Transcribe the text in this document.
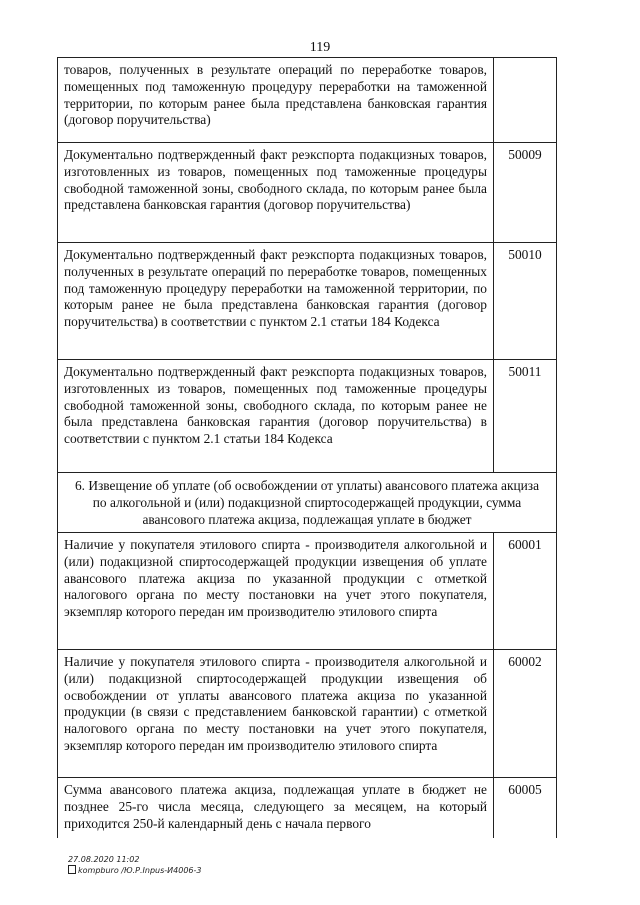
119
товаров, полученных в результате операций по переработке товаров, помещенных под таможенную процедуру переработки на таможенной территории, по которым ранее была представлена банковская гарантия (договор поручительства)
Документально подтвержденный факт реэкспорта подакцизных товаров, изготовленных из товаров, помещенных под таможенные процедуры свободной таможенной зоны, свободного склада, по которым ранее была представлена банковская гарантия (договор поручительства)
50009
Документально подтвержденный факт реэкспорта подакцизных товаров, полученных в результате операций по переработке товаров, помещенных под таможенную процедуру переработки на таможенной территории, по которым ранее не была представлена банковская гарантия (договор поручительства) в соответствии с пунктом 2.1 статьи 184 Кодекса
50010
Документально подтвержденный факт реэкспорта подакцизных товаров, изготовленных из товаров, помещенных под таможенные процедуры свободной таможенной зоны, свободного склада, по которым ранее не была представлена банковская гарантия (договор поручительства) в соответствии с пунктом 2.1 статьи 184 Кодекса
50011
6. Извещение об уплате (об освобождении от уплаты) авансового платежа акциза по алкогольной и (или) подакцизной спиртосодержащей продукции, сумма авансового платежа акциза, подлежащая уплате в бюджет
Наличие у покупателя этилового спирта - производителя алкогольной и (или) подакцизной спиртосодержащей продукции извещения об уплате авансового платежа акциза по указанной продукции с отметкой налогового органа по месту постановки на учет этого покупателя, экземпляр которого передан им производителю этилового спирта
60001
Наличие у покупателя этилового спирта - производителя алкогольной и (или) подакцизной спиртосодержащей продукции извещения об освобождении от уплаты авансового платежа акциза по указанной продукции (в связи с представлением банковской гарантии) с отметкой налогового органа по месту постановки на учет этого покупателя, экземпляр которого передан им производителю этилового спирта
60002
Сумма авансового платежа акциза, подлежащая уплате в бюджет не позднее 25-го числа месяца, следующего за месяцем, на который приходится 250-й календарный день с начала первого
60005
27.08.2020 11:02
kompburo /Ю.Р.Inpus-И4006-3
